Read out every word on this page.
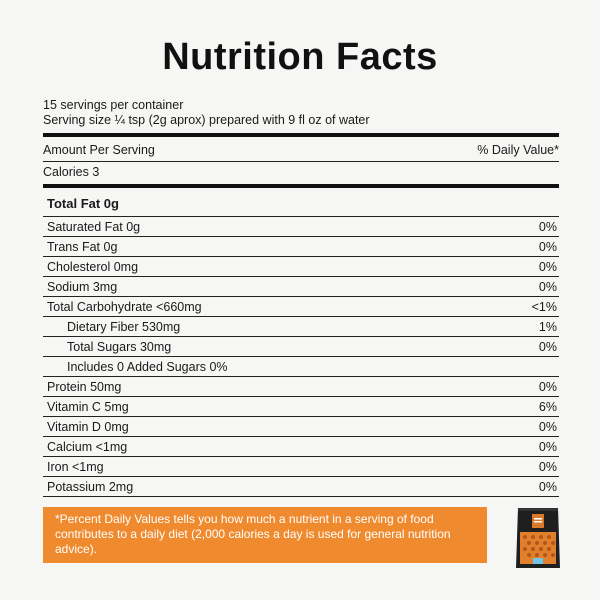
Nutrition Facts
15 servings per container
Serving size ¼ tsp (2g aprox) prepared with 9 fl oz of water
Amount Per Serving	% Daily Value*
Calories 3
Total Fat 0g
Saturated Fat 0g	0%
Trans Fat 0g	0%
Cholesterol 0mg	0%
Sodium 3mg	0%
Total Carbohydrate <660mg	<1%
Dietary Fiber 530mg	1%
Total Sugars 30mg	0%
Includes 0 Added Sugars 0%
Protein 50mg	0%
Vitamin C 5mg	6%
Vitamin D 0mg	0%
Calcium <1mg	0%
Iron <1mg	0%
Potassium 2mg	0%
*Percent Daily Values tells you how much a nutrient in a serving of food contributes to a daily diet (2,000 calories a day is used for general nutrition advice).
